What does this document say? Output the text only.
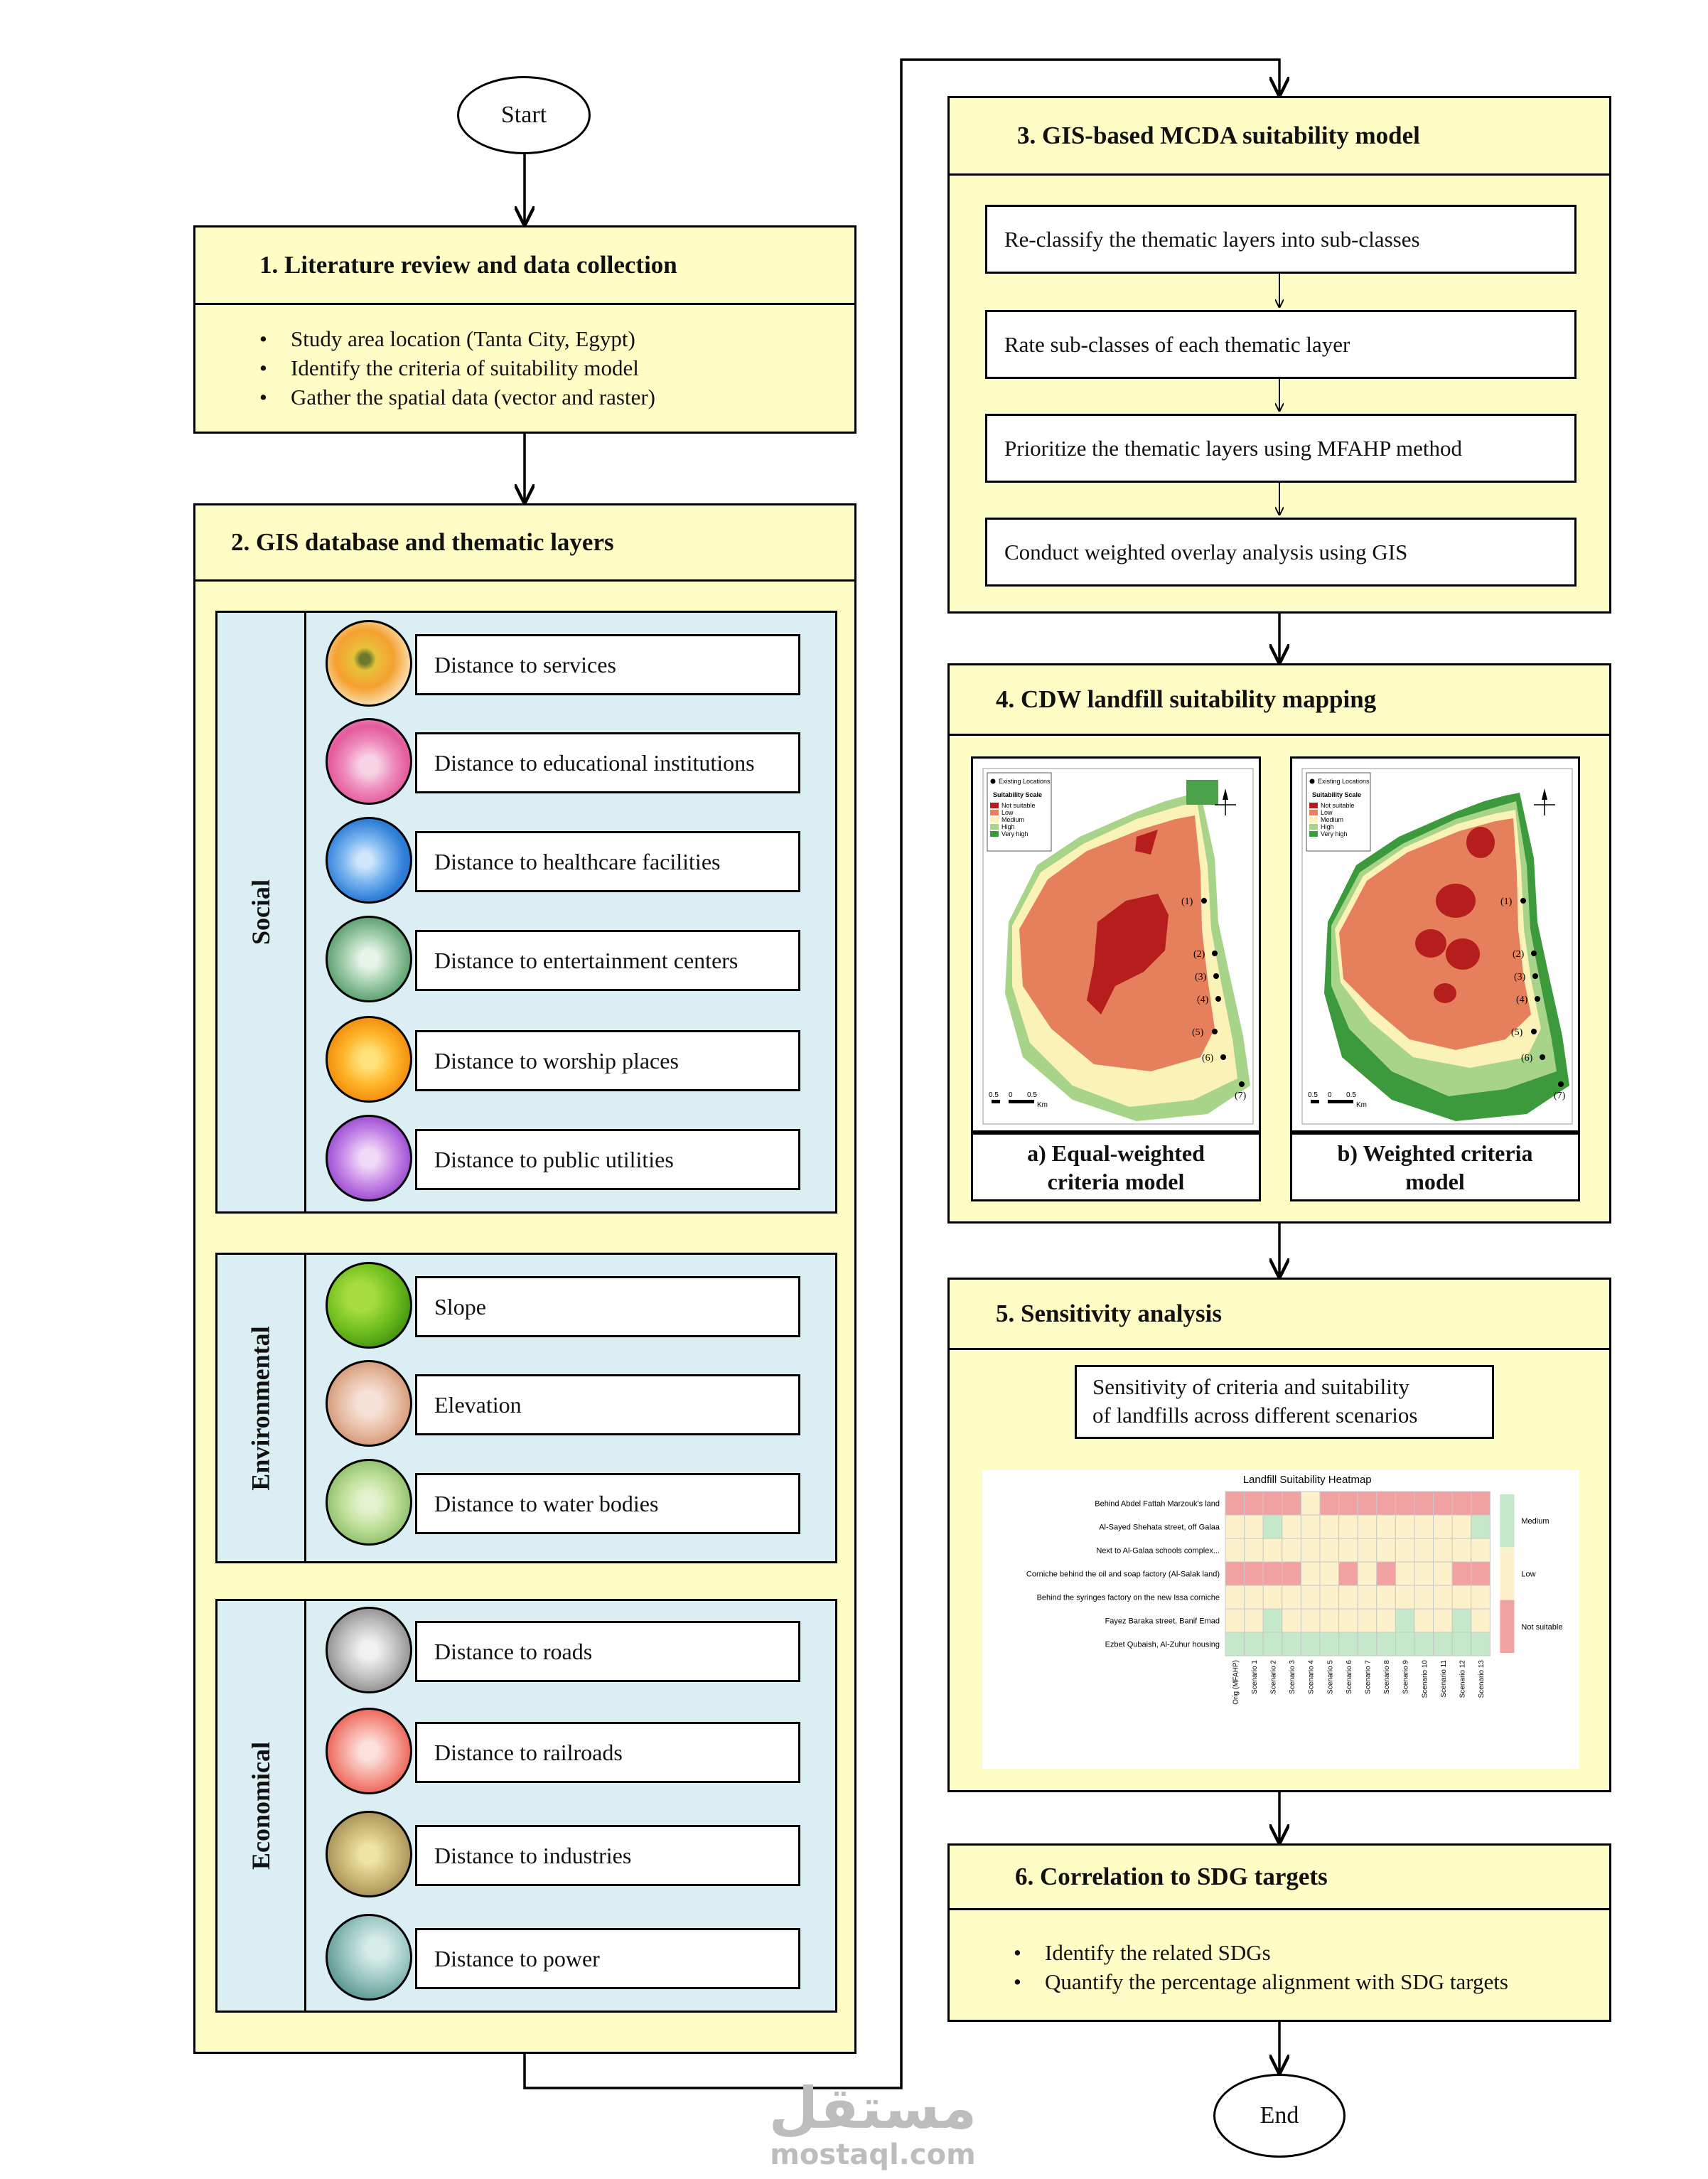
Start
1. Literature review and data collection
• Study area location (Tanta City, Egypt)
• Identify the criteria of suitability model
• Gather the spatial data (vector and raster)
2. GIS database and thematic layers
Social
Distance to services
Distance to educational institutions
Distance to healthcare facilities
Distance to entertainment centers
Distance to worship places
Distance to public utilities
Environmental
Slope
Elevation
Distance to water bodies
Economical
Distance to roads
Distance to railroads
Distance to industries
Distance to power
3. GIS-based MCDA suitability model
Re-classify the thematic layers into sub-classes
Rate sub-classes of each thematic layer
Prioritize the thematic layers using MFAHP method
Conduct weighted overlay analysis using GIS
4. CDW landfill suitability mapping
Existing Locations
Suitability Scale
Not suitable
Low
Medium
High
Very high
(1)
(2)
(3)
(4)
(5)
(6)
(7)
0.5 0 0.5
Km
a) Equal-weighted
criteria model
Existing Locations
Suitability Scale
Not suitable
Low
Medium
High
Very high
(1)
(2)
(3)
(4)
(5)
(6)
(7)
0.5 0 0.5
Km
b) Weighted criteria
model
5. Sensitivity analysis
Sensitivity of criteria and suitability
of landfills across different scenarios
Landfill Suitability Heatmap
Behind Abdel Fattah Marzouk's land
Al-Sayed Shehata street, off Galaa
Next to Al-Galaa schools complex...
Corniche behind the oil and soap factory (Al-Salak land)
Behind the syringes factory on the new Issa corniche
Fayez Baraka street, Banif Emad
Ezbet Qubaish, Al-Zuhur housing
Orig (MFAHP) Scenario 1 Scenario 2 Scenario 3 Scenario 4 Scenario 5 Scenario 6 Scenario 7 Scenario 8 Scenario 9 Scenario 10 Scenario 11 Scenario 12 Scenario 13
Medium
Low
Not suitable
6. Correlation to SDG targets
• Identify the related SDGs
• Quantify the percentage alignment with SDG targets
End
مستقل
mostaql.com
